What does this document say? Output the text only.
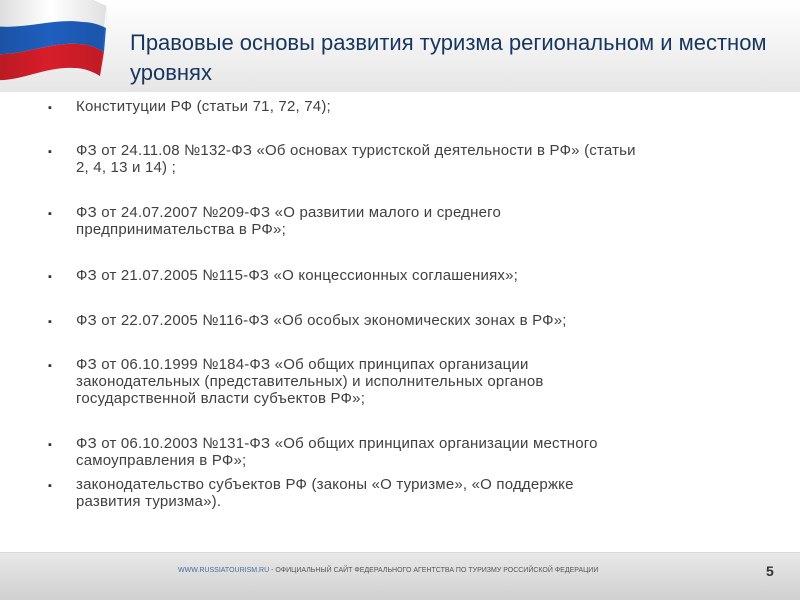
Правовые основы развития туризма региональном и местном уровнях
▪ Конституции РФ (статьи 71, 72, 74);
▪ ФЗ от 24.11.08 №132-ФЗ «Об основах туристской деятельности в РФ» (статьи
2, 4, 13 и 14) ;
▪ ФЗ от 24.07.2007 №209-ФЗ «О развитии малого и среднего
предпринимательства в РФ»;
▪ ФЗ от 21.07.2005 №115-ФЗ «О концессионных соглашениях»;
▪ ФЗ от 22.07.2005 №116-ФЗ «Об особых экономических зонах в РФ»;
▪ ФЗ от 06.10.1999 №184-ФЗ «Об общих принципах организации
законодательных (представительных) и исполнительных органов
государственной власти субъектов РФ»;
▪ ФЗ от 06.10.2003 №131-ФЗ «Об общих принципах организации местного
самоуправления в РФ»;
▪ законодательство субъектов РФ (законы «О туризме», «О поддержке
развития туризма»).
WWW.RUSSIATOURISM.RU - ОФИЦИАЛЬНЫЙ САЙТ ФЕДЕРАЛЬНОГО АГЕНТСТВА ПО ТУРИЗМУ РОССИЙСКОЙ ФЕДЕРАЦИИ	5
